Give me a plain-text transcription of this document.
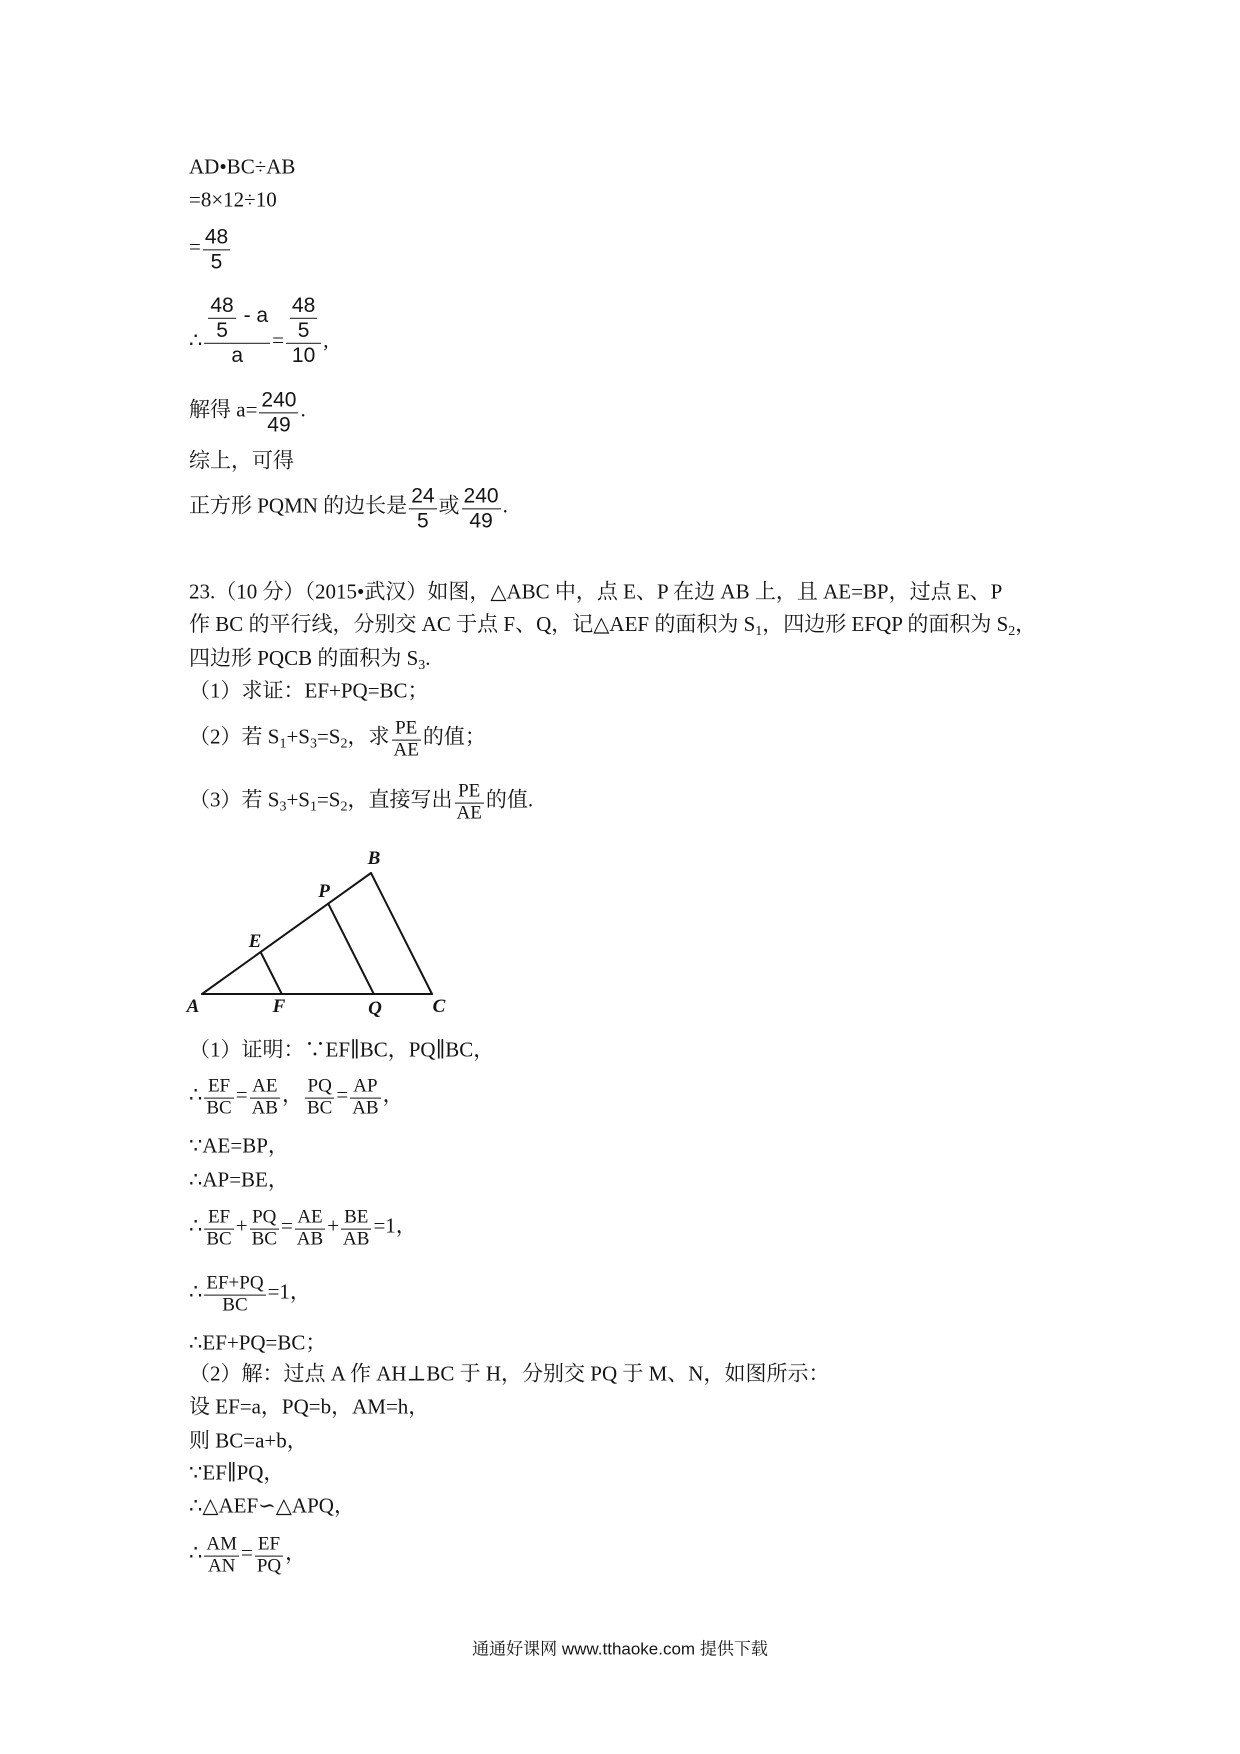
AD•BC÷AB
=8×12÷10
= $\frac{48}{5}$
∴ $\frac{\frac{48}{5} - a}{a} = \frac{\frac{48}{5}}{10}$ ,
解得 $a= \frac{240}{49}$ .
综上，可得
正方形 PQMN 的边长是 $\frac{24}{5}$ 或 $\frac{240}{49}$ .
23.（10 分）（2015•武汉）如图，△ABC 中，点 E、P 在边 AB 上，且 AE=BP，过点 E、P
作 BC 的平行线，分别交 AC 于点 F、Q，记△AEF 的面积为 $S_1$，四边形 EFQP 的面积为 $S_2$，
四边形 PQCB 的面积为 $S_3$.
（1）求证：EF+PQ=BC；
（2）若 $S_1+S_3=S_2$，求 $\frac{PE}{AE}$ 的值；
（3）若 $S_3+S_1=S_2$，直接写出 $\frac{PE}{AE}$ 的值.
A
B
C
E
F
P
Q
（1）证明：∵EF∥BC，PQ∥BC，
∴ $\frac{EF}{BC} = \frac{AE}{AB}$ ， $\frac{PQ}{BC} = \frac{AP}{AB}$ ，
∵AE=BP，
∴AP=BE，
∴ $\frac{EF}{BC} + \frac{PQ}{BC} = \frac{AE}{AB} + \frac{BE}{AB} =1$，
∴ $\frac{EF+PQ}{BC} =1$，
∴EF+PQ=BC；
（2）解：过点 A 作 AH⊥BC 于 H，分别交 PQ 于 M、N，如图所示：
设 EF=a，PQ=b，AM=h，
则 BC=a+b，
∵EF∥PQ，
∴△AEF∽△APQ，
∴ $\frac{AM}{AN} = \frac{EF}{PQ}$ ，
通通好课网 www.tthaoke.com 提供下载
